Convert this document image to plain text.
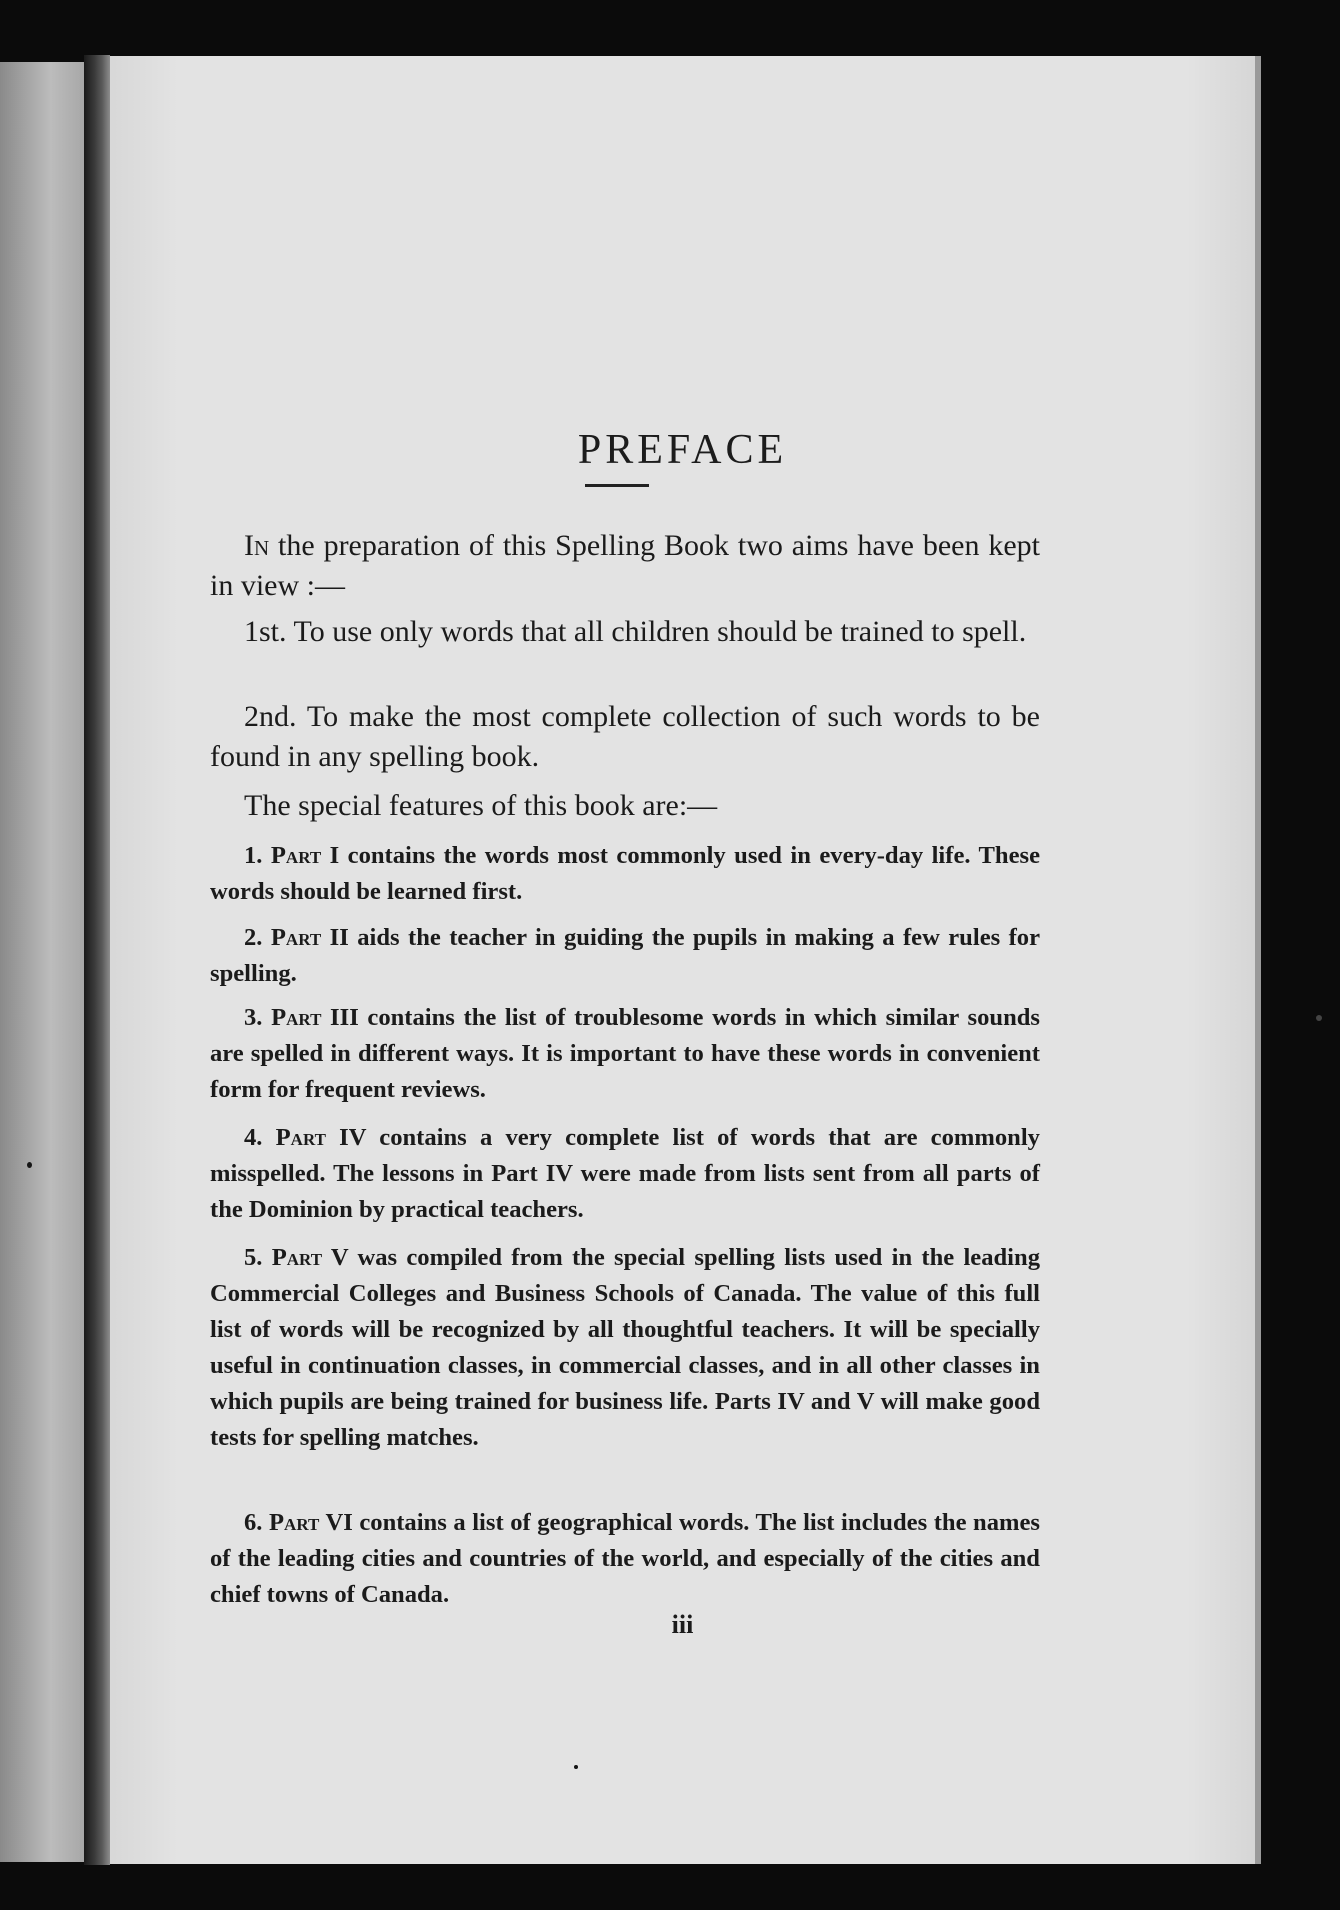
PREFACE

In the preparation of this Spelling Book two aims have been kept in view :—

1st. To use only words that all children should be trained to spell.

2nd. To make the most complete collection of such words to be found in any spelling book.

The special features of this book are:—

1. Part I contains the words most commonly used in every-day life. These words should be learned first.

2. Part II aids the teacher in guiding the pupils in making a few rules for spelling.

3. Part III contains the list of troublesome words in which similar sounds are spelled in different ways. It is important to have these words in convenient form for frequent reviews.

4. Part IV contains a very complete list of words that are commonly misspelled. The lessons in Part IV were made from lists sent from all parts of the Dominion by practical teachers.

5. Part V was compiled from the special spelling lists used in the leading Commercial Colleges and Business Schools of Canada. The value of this full list of words will be recognized by all thoughtful teachers. It will be specially useful in continuation classes, in commercial classes, and in all other classes in which pupils are being trained for business life. Parts IV and V will make good tests for spelling matches.

6. Part VI contains a list of geographical words. The list includes the names of the leading cities and countries of the world, and especially of the cities and chief towns of Canada.

iii
